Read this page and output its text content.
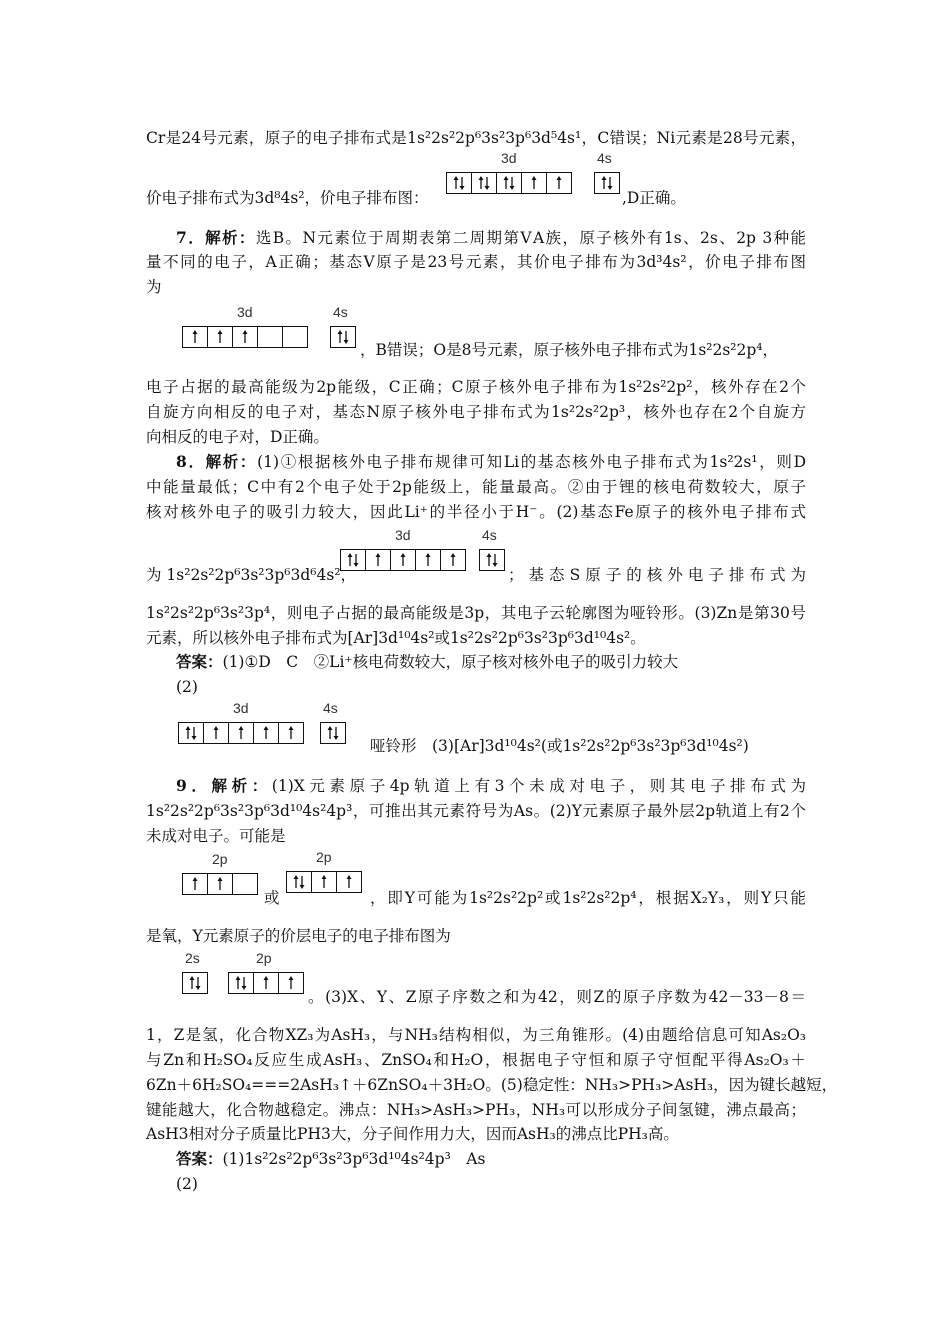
Cr是24号元素，原子的电子排布式是1s²2s²2p⁶3s²3p⁶3d⁵4s¹，C错误；Ni元素是28号元素，
价电子排布式为3d⁸4s²，价电子排布图：
3d	4s
,D正确。
7．解析：选B。N元素位于周期表第二周期第ⅤA族，原子核外有1s、2s、2p 3种能
量不同的电子，A正确；基态V原子是23号元素，其价电子排布为3d³4s²，价电子排布图
为
3d	4s
，B错误；O是8号元素，原子核外电子排布式为1s²2s²2p⁴，
电子占据的最高能级为2p能级，C正确；C原子核外电子排布为1s²2s²2p²，核外存在2个
自旋方向相反的电子对，基态N原子核外电子排布式为1s²2s²2p³，核外也存在2个自旋方
向相反的电子对，D正确。
8．解析：(1)①根据核外电子排布规律可知Li的基态核外电子排布式为1s²2s¹，则D
中能量最低；C中有2个电子处于2p能级上，能量最高。②由于锂的核电荷数较大，原子
核对核外电子的吸引力较大，因此Li⁺的半径小于H⁻。(2)基态Fe原子的核外电子排布式
为 1s²2s²2p⁶3s²3p⁶3d⁶4s²，
3d	4s
；基态S原子的核外电子排布式为
1s²2s²2p⁶3s²3p⁴，则电子占据的最高能级是3p，其电子云轮廓图为哑铃形。(3)Zn是第30号
元素，所以核外电子排布式为[Ar]3d¹⁰4s²或1s²2s²2p⁶3s²3p⁶3d¹⁰4s²。
答案：(1)①D　C　②Li⁺核电荷数较大，原子核对核外电子的吸引力较大
(2)
3d	4s
哑铃形　(3)[Ar]3d¹⁰4s²(或1s²2s²2p⁶3s²3p⁶3d¹⁰4s²)
9．解析：(1)X元素原子4p轨道上有3个未成对电子，则其电子排布式为
1s²2s²2p⁶3s²3p⁶3d¹⁰4s²4p³，可推出其元素符号为As。(2)Y元素原子最外层2p轨道上有2个
未成对电子。可能是
2p
或
2p
，即Y可能为1s²2s²2p²或1s²2s²2p⁴，根据X₂Y₃，则Y只能
是氧，Y元素原子的价层电子的电子排布图为
2s	2p
。(3)X、Y、Z原子序数之和为42，则Z的原子序数为42－33－8＝
1，Z是氢，化合物XZ₃为AsH₃，与NH₃结构相似，为三角锥形。(4)由题给信息可知As₂O₃
与Zn和H₂SO₄反应生成AsH₃、ZnSO₄和H₂O，根据电子守恒和原子守恒配平得As₂O₃＋
6Zn＋6H₂SO₄===2AsH₃↑＋6ZnSO₄＋3H₂O。(5)稳定性：NH₃>PH₃>AsH₃，因为键长越短，
键能越大，化合物越稳定。沸点：NH₃>AsH₃>PH₃，NH₃可以形成分子间氢键，沸点最高；
AsH3相对分子质量比PH3大，分子间作用力大，因而AsH₃的沸点比PH₃高。
答案：(1)1s²2s²2p⁶3s²3p⁶3d¹⁰4s²4p³　As
(2)
